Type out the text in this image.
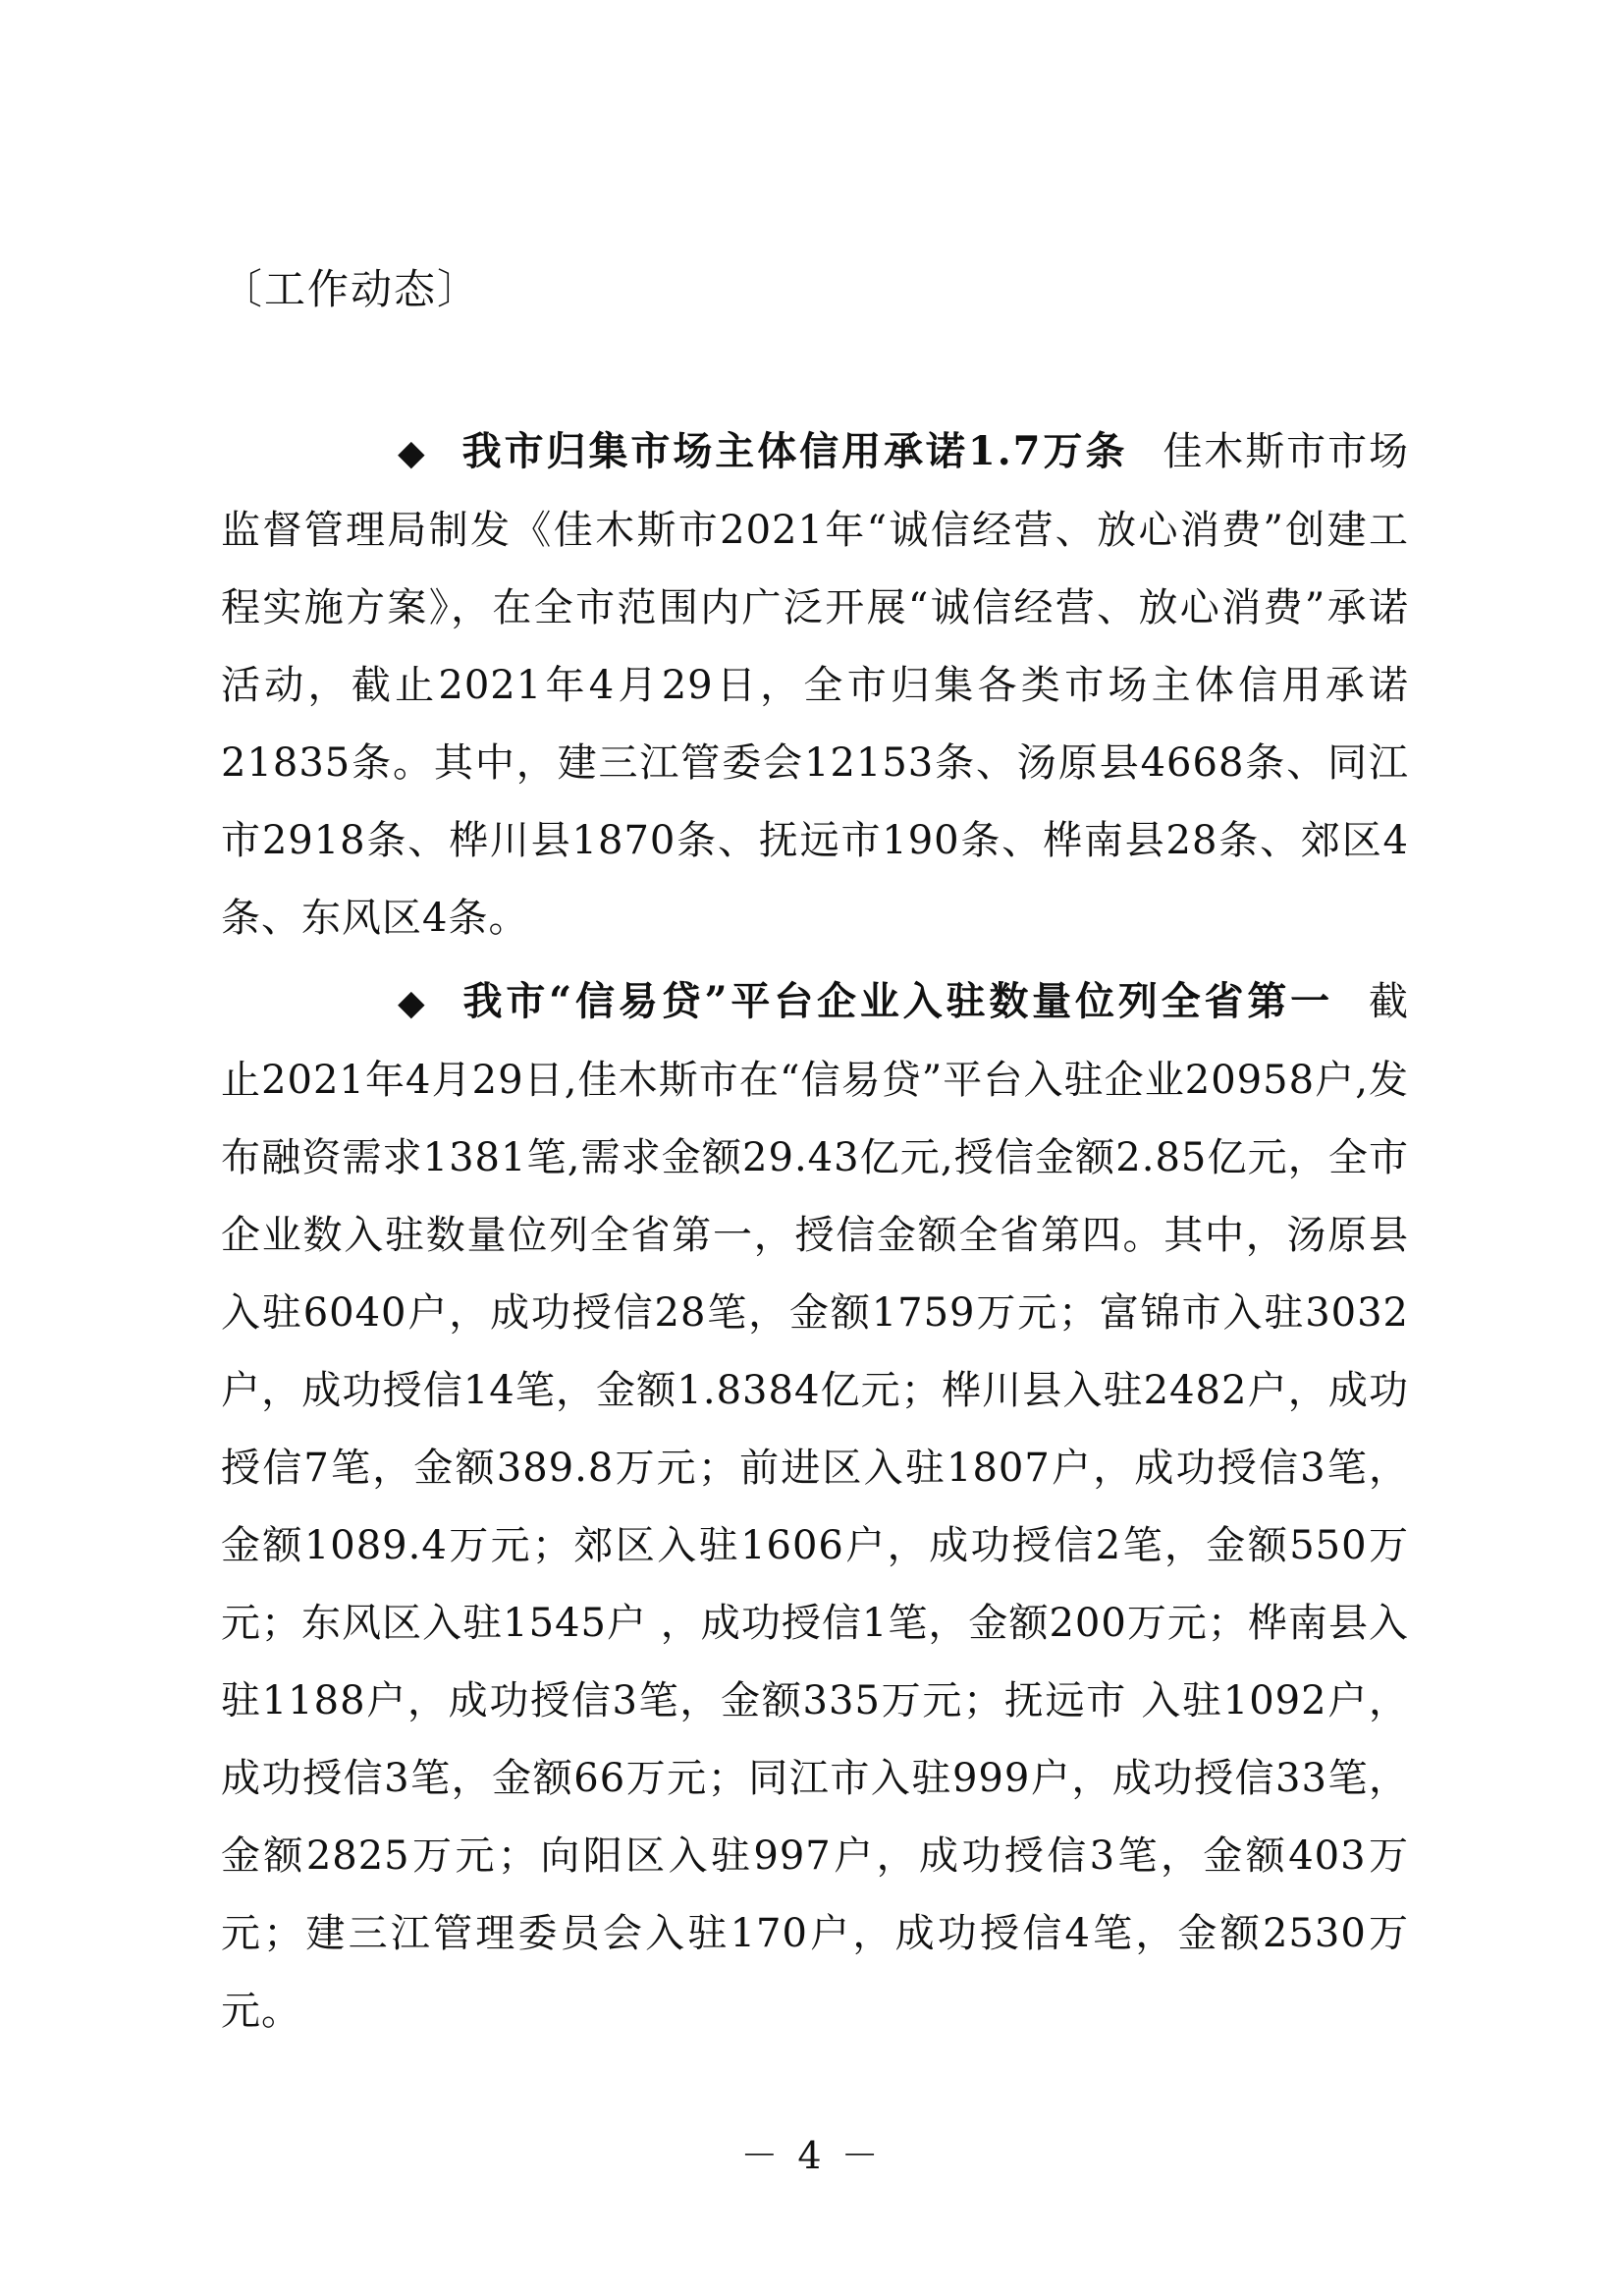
〔工作动态〕

◆ 我市归集市场主体信用承诺1.7万条 佳木斯市市场监督管理局制发《佳木斯市2021年“诚信经营、放心消费”创建工程实施方案》，在全市范围内广泛开展“诚信经营、放心消费”承诺活动，截止2021年4月29日，全市归集各类市场主体信用承诺21835条。其中，建三江管委会12153条、汤原县4668条、同江市2918条、桦川县1870条、抚远市190条、桦南县28条、郊区4条、东风区4条。

◆ 我市“信易贷”平台企业入驻数量位列全省第一 截止2021年4月29日,佳木斯市在“信易贷”平台入驻企业20958户,发布融资需求1381笔,需求金额29.43亿元,授信金额2.85亿元，全市企业数入驻数量位列全省第一，授信金额全省第四。其中，汤原县入驻6040户，成功授信28笔，金额1759万元；富锦市入驻3032户，成功授信14笔，金额1.8384亿元；桦川县入驻2482户，成功授信7笔，金额389.8万元；前进区入驻1807户，成功授信3笔，金额1089.4万元；郊区入驻1606户，成功授信2笔，金额550万元；东风区入驻1545户 ，成功授信1笔，金额200万元；桦南县入驻1188户，成功授信3笔，金额335万元；抚远市 入驻1092户，成功授信3笔，金额66万元；同江市入驻999户，成功授信33笔，金额2825万元；向阳区入驻997户，成功授信3笔，金额403万元；建三江管理委员会入驻170户，成功授信4笔，金额2530万元。

－ 4 －
